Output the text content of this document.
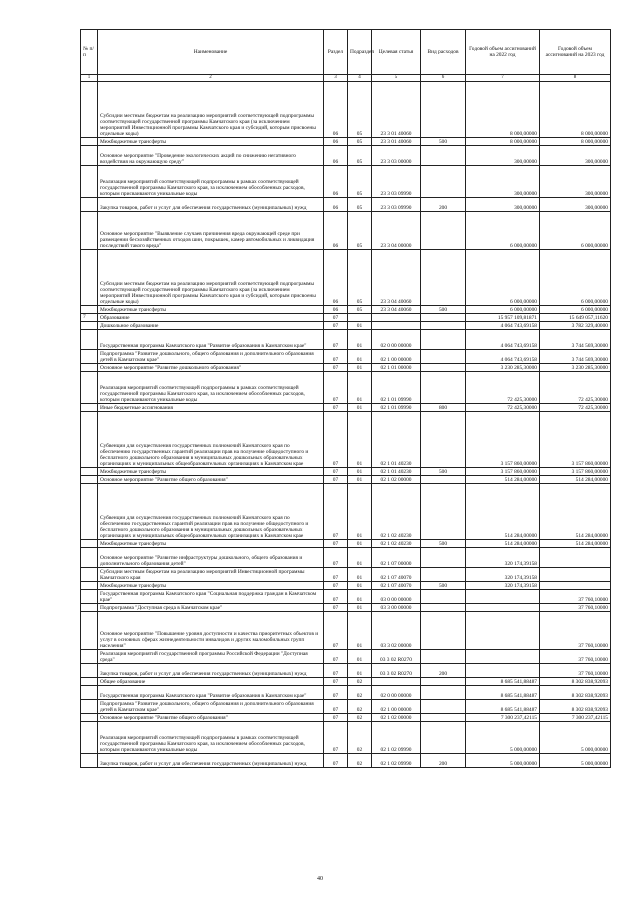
№ п/п	Наименование	Раздел	Подраздел	Целевая статья	Вид расходов	Годовой объем ассигнований на 2022 год	Годовой объем ассигнований на 2023 год
1	2	3	4	5	6	7	8
	Субсидии местным бюджетам на реализацию мероприятий соответствующей подпрограммы соответствующей государственной программы Камчатского края (за исключением мероприятий Инвестиционной программы Камчатского края и субсидий, которым присвоены отдельные коды)	06	05	23 3 01 40060		8 000,00000	8 000,00000
	Межбюджетные трансферты	06	05	23 3 01 40060	500	8 000,00000	8 000,00000
	Основное мероприятие "Проведение экологических акций по снижению негативного воздействия на окружающую среду"	06	05	23 3 03 00000		300,00000	300,00000
	Реализация мероприятий соответствующей подпрограммы в рамках соответствующей государственной программы Камчатского края, за исключением обособленных расходов, которым присваиваются уникальные коды	06	05	23 3 03 09990		300,00000	300,00000
	Закупка товаров, работ и услуг для обеспечения государственных (муниципальных) нужд	06	05	23 3 03 09990	200	300,00000	300,00000
	Основное мероприятие "Выявление случаев причинения вреда окружающей среде при размещении бесхозяйственных отходов шин, покрышек, камер автомобильных и ликвидация последствий такого вреда"	06	05	23 3 04 00000		6 000,00000	6 000,00000
	Субсидии местным бюджетам на реализацию мероприятий соответствующей подпрограммы соответствующей государственной программы Камчатского края (за исключением мероприятий Инвестиционной программы Камчатского края и субсидий, которым присвоены отдельные коды)	06	05	23 3 04 40060		6 000,00000	6 000,00000
	Межбюджетные трансферты	06	05	23 3 04 40060	500	6 000,00000	6 000,00000
7	Образование	07				15 957 109,81871	15 649 057,11620
	Дошкольное образование	07	01			4 064 743,69158	3 782 329,40000
	Государственная программа Камчатского края "Развитие образования в Камчатском крае"	07	01	02 0 00 00000		4 064 743,69158	3 744 569,30000
	Подпрограмма "Развитие дошкольного, общего образования и дополнительного образования детей в Камчатском крае"	07	01	02 1 00 00000		4 064 743,69158	3 744 569,30000
	Основное мероприятие "Развитие дошкольного образования"	07	01	02 1 01 00000		3 230 285,30000	3 230 285,30000
	Реализация мероприятий соответствующей подпрограммы в рамках соответствующей государственной программы Камчатского края, за исключением обособленных расходов, которым присваиваются уникальные коды	07	01	02 1 01 09990		72 425,30000	72 425,30000
	Иные бюджетные ассигнования	07	01	02 1 01 09990	800	72 425,30000	72 425,30000
	Субвенции для осуществления государственных полномочий Камчатского края по обеспечению государственных гарантий реализации прав на получение общедоступного и бесплатного дошкольного образования в муниципальных дошкольных образовательных организациях и муниципальных общеобразовательных организациях в Камчатском крае	07	01	02 1 01 40230		3 157 860,00000	3 157 860,00000
	Межбюджетные трансферты	07	01	02 1 01 40230	500	3 157 860,00000	3 157 860,00000
	Основное мероприятие "Развитие общего образования"	07	01	02 1 02 00000		514 284,00000	514 284,00000
	Субвенции для осуществления государственных полномочий Камчатского края по обеспечению государственных гарантий реализации прав на получение общедоступного и бесплатного дошкольного образования в муниципальных дошкольных образовательных организациях и муниципальных общеобразовательных организациях в Камчатском крае	07	01	02 1 02 40230		514 284,00000	514 284,00000
	Межбюджетные трансферты	07	01	02 1 02 40230	500	514 284,00000	514 284,00000
	Основное мероприятие "Развитие инфраструктуры дошкольного, общего образования и дополнительного образования детей"	07	01	02 1 07 00000		320 174,39158	
	Субсидии местным бюджетам на реализацию мероприятий Инвестиционной программы Камчатского края	07	01	02 1 07 40070		320 174,39158	
	Межбюджетные трансферты	07	01	02 1 07 40070	500	320 174,39158	
	Государственная программа Камчатского края "Социальная поддержка граждан в Камчатском крае"	07	01	03 0 00 00000			37 760,10000
	Подпрограмма "Доступная среда в Камчатском крае"	07	01	03 3 00 00000			37 760,10000
	Основное мероприятие "Повышение уровня доступности и качества приоритетных объектов и услуг в основных сферах жизнедеятельности инвалидов и других маломобильных групп населения"	07	01	03 3 02 00000			37 760,10000
	Реализация мероприятий государственной программы Российской Федерации "Доступная среда"	07	01	03 3 02 R0270			37 760,10000
	Закупка товаров, работ и услуг для обеспечения государственных (муниципальных) нужд	07	01	03 3 02 R0270	200		37 760,10000
	Общее образование	07	02			8 685 541,88487	8 302 838,92093
	Государственная программа Камчатского края "Развитие образования в Камчатском крае"	07	02	02 0 00 00000		8 685 541,88487	8 302 838,92093
	Подпрограмма "Развитие дошкольного, общего образования и дополнительного образования детей в Камчатском крае"	07	02	02 1 00 00000		8 685 541,88487	8 302 838,92093
	Основное мероприятие "Развитие общего образования"	07	02	02 1 02 00000		7 300 237,42115	7 300 237,42115
	Реализация мероприятий соответствующей подпрограммы в рамках соответствующей государственной программы Камчатского края, за исключением обособленных расходов, которым присваиваются уникальные коды	07	02	02 1 02 09990		5 000,00000	5 000,00000
	Закупка товаров, работ и услуг для обеспечения государственных (муниципальных) нужд	07	02	02 1 02 09990	200	5 000,00000	5 000,00000
40
